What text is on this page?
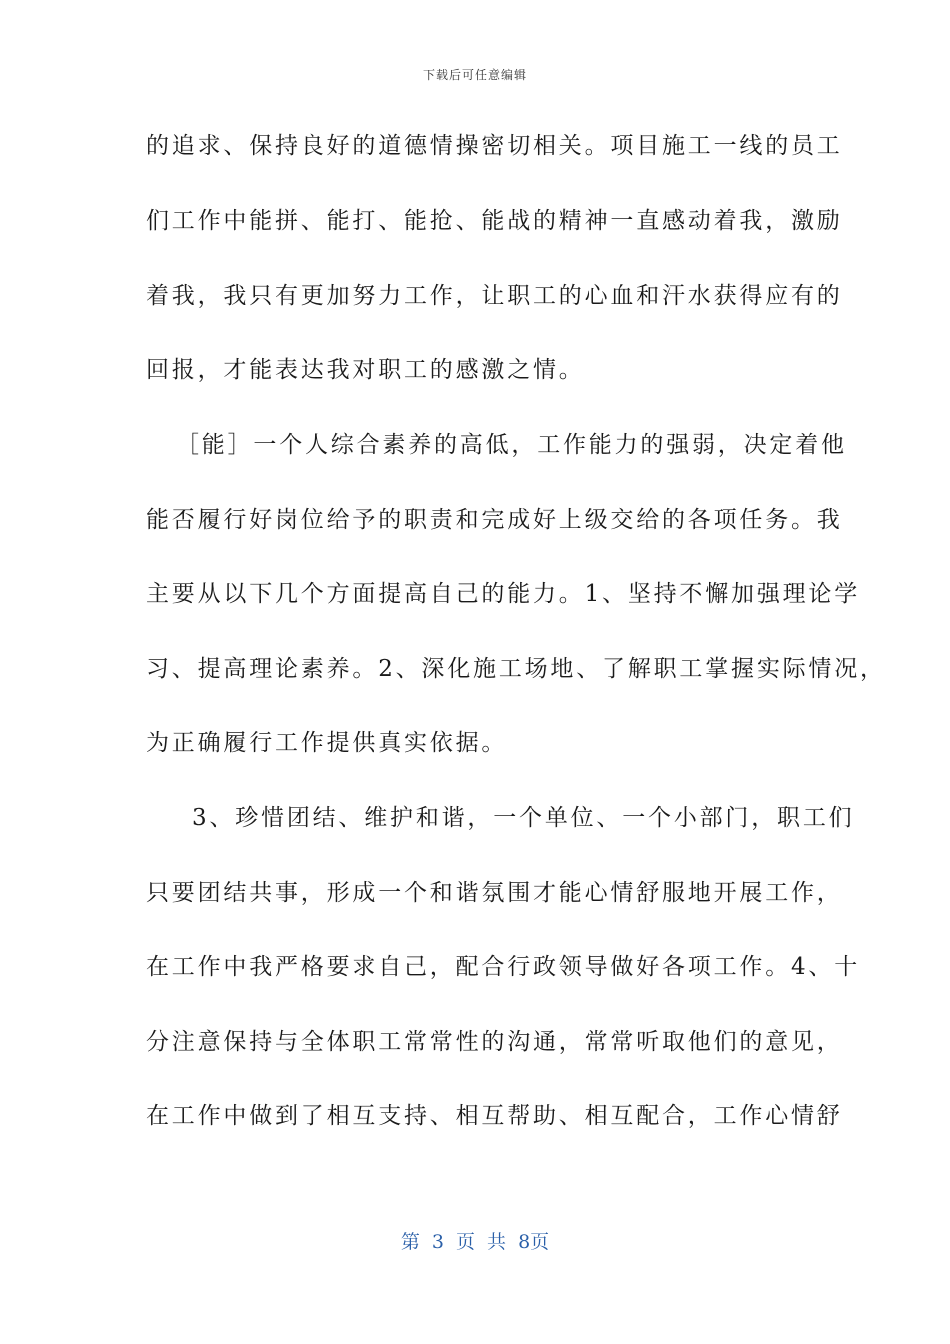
下载后可任意编辑
的追求、保持良好的道德情操密切相关。项目施工一线的员工
们工作中能拼、能打、能抢、能战的精神一直感动着我，激励
着我，我只有更加努力工作，让职工的心血和汗水获得应有的
回报，才能表达我对职工的感激之情。
［能］一个人综合素养的高低，工作能力的强弱，决定着他
能否履行好岗位给予的职责和完成好上级交给的各项任务。我
主要从以下几个方面提高自己的能力。1、坚持不懈加强理论学
习、提高理论素养。2、深化施工场地、了解职工掌握实际情况，
为正确履行工作提供真实依据。
3、珍惜团结、维护和谐，一个单位、一个小部门，职工们
只要团结共事，形成一个和谐氛围才能心情舒服地开展工作，
在工作中我严格要求自己，配合行政领导做好各项工作。4、十
分注意保持与全体职工常常性的沟通，常常听取他们的意见，
在工作中做到了相互支持、相互帮助、相互配合，工作心情舒
第 3 页 共 8页
